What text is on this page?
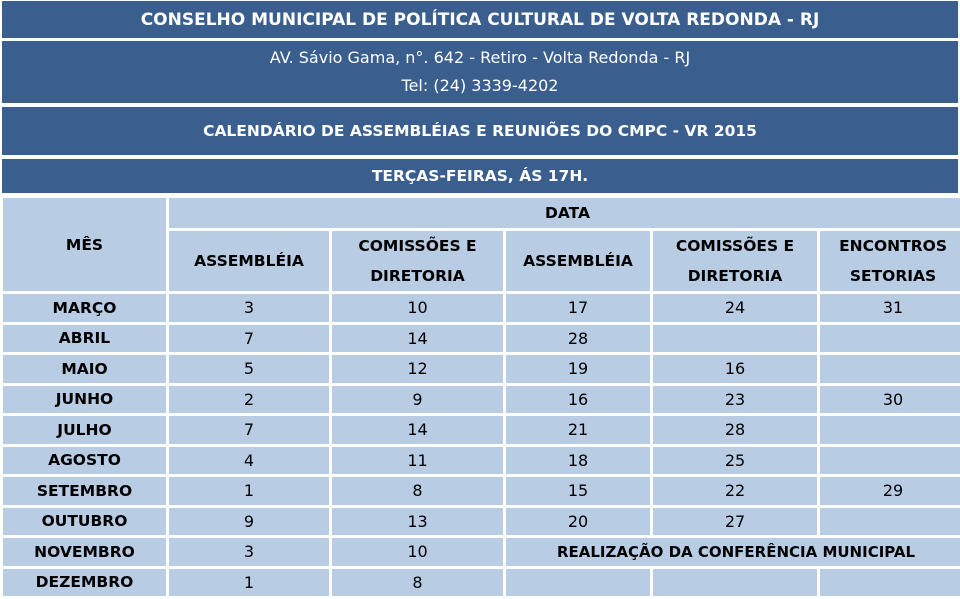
CONSELHO MUNICIPAL DE POLÍTICA CULTURAL DE VOLTA REDONDA - RJ
AV. Sávio Gama, n°. 642 - Retiro - Volta Redonda - RJ
Tel: (24) 3339-4202
CALENDÁRIO DE ASSEMBLÉIAS E REUNIÕES DO CMPC - VR 2015
TERÇAS-FEIRAS, ÁS 17H.
MÊS	DATA				
	ASSEMBLÉIA	COMISSÕES E DIRETORIA	ASSEMBLÉIA	COMISSÕES E DIRETORIA	ENCONTROS SETORIAS
MARÇO	3	10	17	24	31
ABRIL	7	14	28		
MAIO	5	12	19	16	
JUNHO	2	9	16	23	30
JULHO	7	14	21	28	
AGOSTO	4	11	18	25	
SETEMBRO	1	8	15	22	29
OUTUBRO	9	13	20	27	
NOVEMBRO	3	10	REALIZAÇÃO DA CONFERÊNCIA MUNICIPAL		
DEZEMBRO	1	8			
